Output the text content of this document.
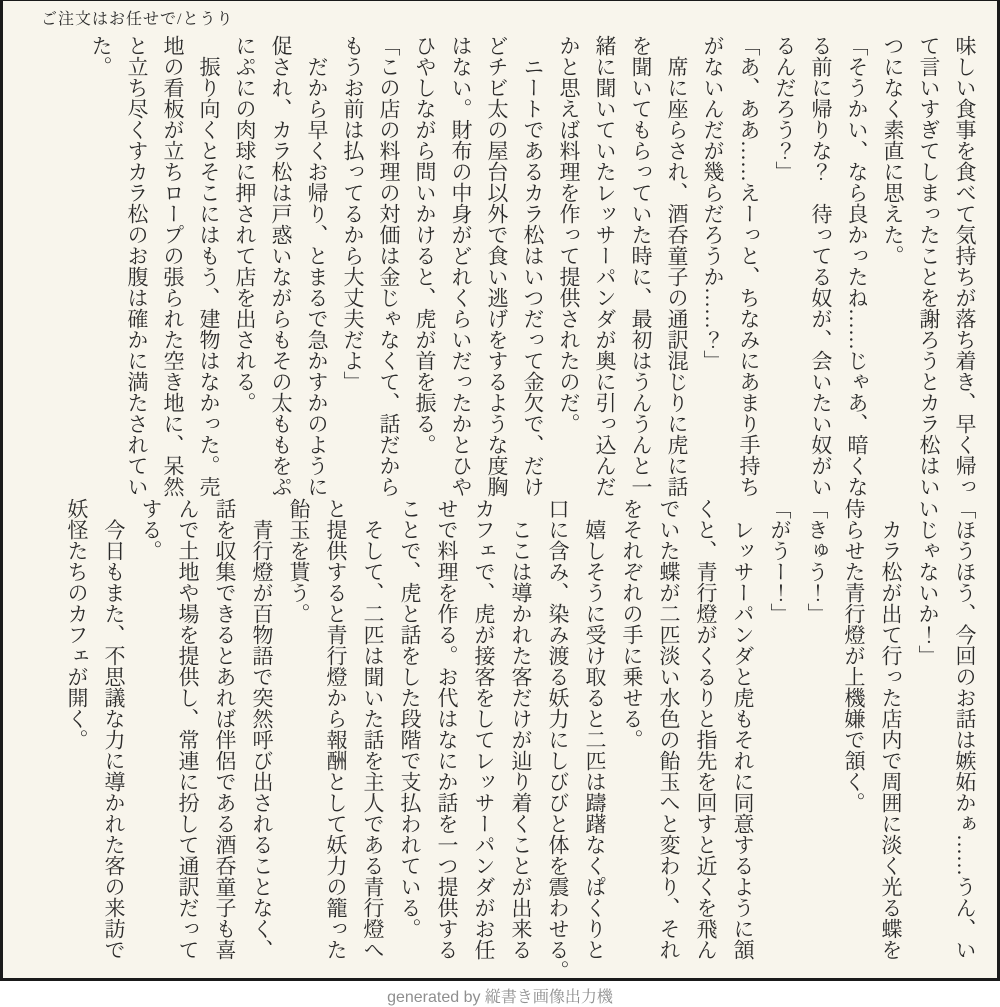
ご注文はお任せで/とうり
味しい食事を食べて気持ちが落ち着き、早く帰っ
て言いすぎてしまったことを謝ろうとカラ松はい
つになく素直に思えた。
「そうかい、なら良かったね……じゃあ、暗くな
る前に帰りな？　待ってる奴が、会いたい奴がい
るんだろう？」
「あ、ああ……えーっと、ちなみにあまり手持ち
がないんだが幾らだろうか……？」
　席に座らされ、酒呑童子の通訳混じりに虎に話
を聞いてもらっていた時に、最初はうんうんと一
緒に聞いていたレッサーパンダが奥に引っ込んだ
かと思えば料理を作って提供されたのだ。
　ニートであるカラ松はいつだって金欠で、だけ
どチビ太の屋台以外で食い逃げをするような度胸
はない。財布の中身がどれくらいだったかとひや
ひやしながら問いかけると、虎が首を振る。
「この店の料理の対価は金じゃなくて、話だから
もうお前は払ってるから大丈夫だよ」
　だから早くお帰り、とまるで急かすかのように
促され、カラ松は戸惑いながらもその太ももをぷ
にぷにの肉球に押されて店を出される。
　振り向くとそこにはもう、建物はなかった。売
地の看板が立ちロープの張られた空き地に、呆然
と立ち尽くすカラ松のお腹は確かに満たされてい
た。
「ほうほう、今回のお話は嫉妬かぁ……うん、い
いじゃないか！」
　カラ松が出て行った店内で周囲に淡く光る蝶を
侍らせた青行燈が上機嫌で頷く。
「きゅう！」
「がうー！」
　レッサーパンダと虎もそれに同意するように頷
くと、青行燈がくるりと指先を回すと近くを飛ん
でいた蝶が二匹淡い水色の飴玉へと変わり、それ
をそれぞれの手に乗せる。
　嬉しそうに受け取ると二匹は躊躇なくぱくりと
口に含み、染み渡る妖力にしびびと体を震わせる。
　ここは導かれた客だけが辿り着くことが出来る
カフェで、虎が接客をしてレッサーパンダがお任
せで料理を作る。お代はなにか話を一つ提供する
ことで、虎と話をした段階で支払われている。
　そして、二匹は聞いた話を主人である青行燈へ
と提供すると青行燈から報酬として妖力の籠った
飴玉を貰う。
　青行燈が百物語で突然呼び出されることなく、
話を収集できるとあれば伴侶である酒呑童子も喜
んで土地や場を提供し、常連に扮して通訳だって
する。
　今日もまた、不思議な力に導かれた客の来訪で
妖怪たちのカフェが開く。
generated by 縦書き画像出力機
